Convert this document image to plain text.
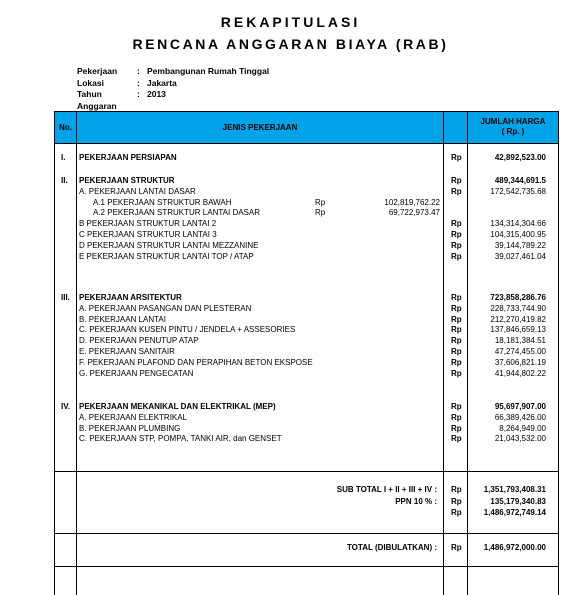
REKAPITULASI
RENCANA ANGGARAN BIAYA (RAB)
Pekerjaan	: Pembangunan Rumah Tinggal
Lokasi	: Jakarta
Tahun Anggaran
: 2013
No.	JENIS PEKERJAAN
JUMLAH HARGA
( Rp. )
I. PEKERJAAN PERSIAPAN	Rp	42,892,523.00
II. PEKERJAAN STRUKTUR	Rp	489,344,691.5
A. PEKERJAAN LANTAI DASAR	Rp	172,542,735.68
A.1 PEKERJAAN STRUKTUR BAWAH	Rp	102,819,762.22
A.2 PEKERJAAN STRUKTUR LANTAI DASAR	Rp	69,722,973.47
B PEKERJAAN STRUKTUR LANTAI 2	Rp	134,314,304.66
C PEKERJAAN STRUKTUR LANTAI 3	Rp	104,315,400.95
D PEKERJAAN STRUKTUR LANTAI MEZZANINE	Rp	39,144,789.22
E PEKERJAAN STRUKTUR LANTAI TOP / ATAP	Rp	39,027,461.04
III. PEKERJAAN ARSITEKTUR	Rp	723,858,286.76
A. PEKERJAAN PASANGAN DAN PLESTERAN	Rp	228,733,744.90
B. PEKERJAAN LANTAI	Rp	212,270,419.82
C. PEKERJAAN KUSEN PINTU / JENDELA + ASSESORIES	Rp	137,846,659.13
D. PEKERJAAN PENUTUP ATAP	Rp	18,181,384.51
E. PEKERJAAN SANITAIR	Rp	47,274,455.00
F. PEKERJAAN PLAFOND DAN PERAPIHAN BETON EKSPOSE	Rp	37,606,821.19
G. PEKERJAAN PENGECATAN	Rp	41,944,802.22
IV. PEKERJAAN MEKANIKAL DAN ELEKTRIKAL (MEP)	Rp	95,697,907.00
A. PEKERJAAN ELEKTRIKAL	Rp	66,389,426.00
B. PEKERJAAN PLUMBING	Rp	8,264,949.00
C. PEKERJAAN STP, POMPA, TANKI AIR, dan GENSET	Rp	21,043,532.00
SUB TOTAL I + II + III + IV : Rp	1,351,793,408.31
PPN 10 % : Rp	135,179,340.83
Rp	1,486,972,749.14
TOTAL (DIBULATKAN) : Rp	1,486,972,000.00
